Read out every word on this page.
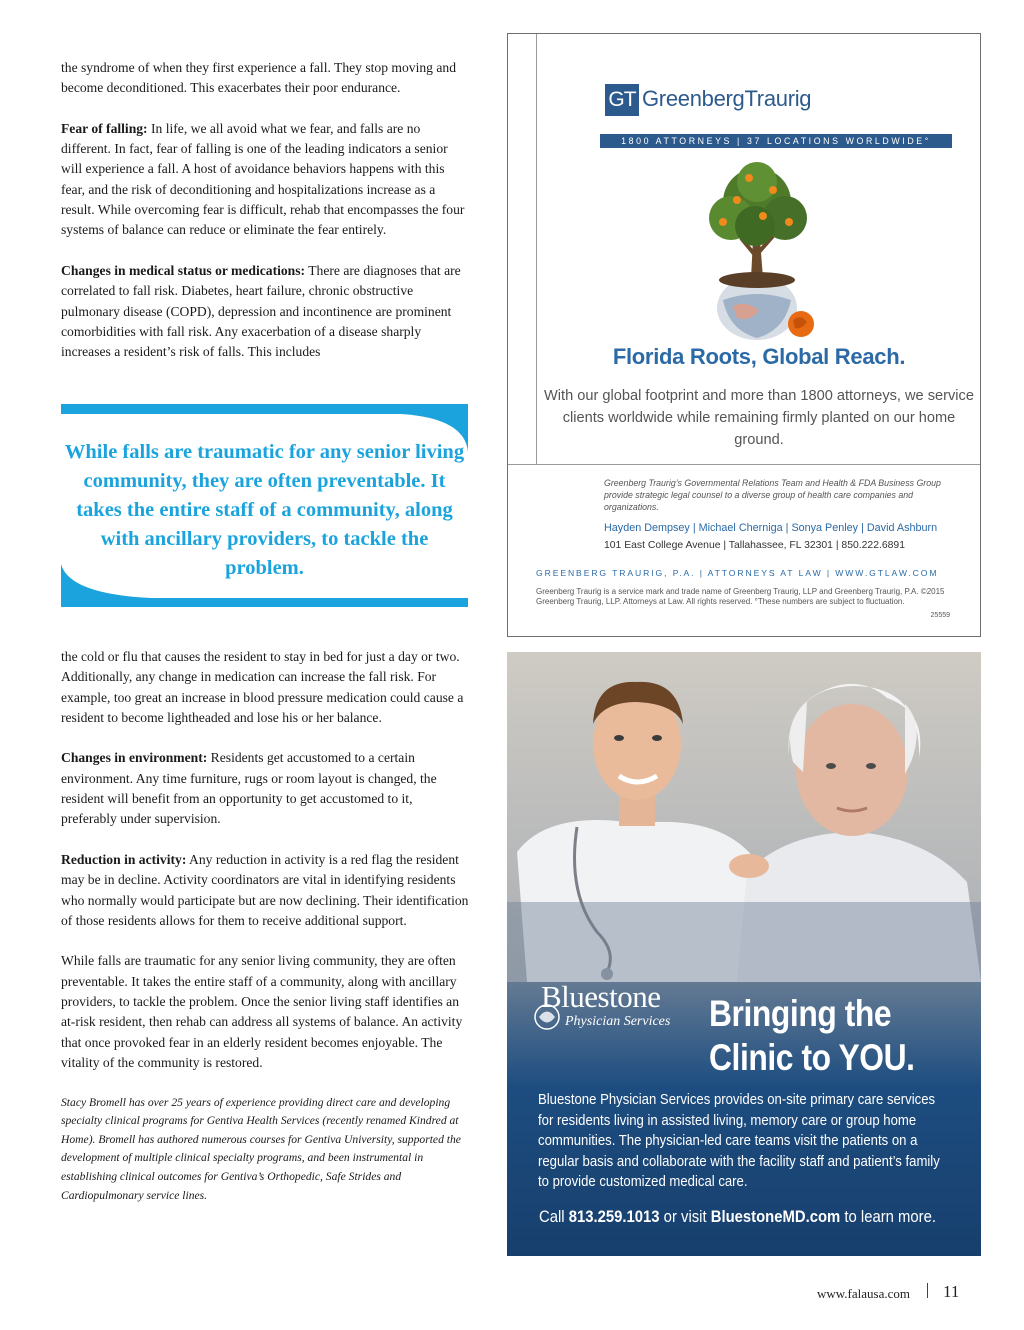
the syndrome of when they first experience a fall. They stop moving and become deconditioned. This exacerbates their poor endurance.

Fear of falling: In life, we all avoid what we fear, and falls are no different. In fact, fear of falling is one of the leading indicators a senior will experience a fall. A host of avoidance behaviors happens with this fear, and the risk of deconditioning and hospitalizations increase as a result. While overcoming fear is difficult, rehab that encompasses the four systems of balance can reduce or eliminate the fear entirely.

Changes in medical status or medications: There are diagnoses that are correlated to fall risk. Diabetes, heart failure, chronic obstructive pulmonary disease (COPD), depression and incontinence are prominent comorbidities with fall risk. Any exacerbation of a disease sharply increases a resident’s risk of falls. This includes

While falls are traumatic for any senior living community, they are often preventable. It takes the entire staff of a community, along with ancillary providers, to tackle the problem.

the cold or flu that causes the resident to stay in bed for just a day or two. Additionally, any change in medication can increase the fall risk. For example, too great an increase in blood pressure medication could cause a resident to become lightheaded and lose his or her balance.

Changes in environment: Residents get accustomed to a certain environment. Any time furniture, rugs or room layout is changed, the resident will benefit from an opportunity to get accustomed to it, preferably under supervision.

Reduction in activity: Any reduction in activity is a red flag the resident may be in decline. Activity coordinators are vital in identifying residents who normally would participate but are now declining. Their identification of those residents allows for them to receive additional support.

While falls are traumatic for any senior living community, they are often preventable. It takes the entire staff of a community, along with ancillary providers, to tackle the problem. Once the senior living staff identifies an at-risk resident, then rehab can address all systems of balance. An activity that once provoked fear in an elderly resident becomes enjoyable. The vitality of the community is restored.

Stacy Bromell has over 25 years of experience providing direct care and developing specialty clinical programs for Gentiva Health Services (recently renamed Kindred at Home). Bromell has authored numerous courses for Gentiva University, supported the development of multiple clinical specialty programs, and been instrumental in establishing clinical outcomes for Gentiva’s Orthopedic, Safe Strides and Cardiopulmonary service lines.
GT GreenbergTraurig
1800 ATTORNEYS | 37 LOCATIONS WORLDWIDE°
Florida Roots, Global Reach.
With our global footprint and more than 1800 attorneys, we service clients worldwide while remaining firmly planted on our home ground.
Greenberg Traurig’s Governmental Relations Team and Health & FDA Business Group provide strategic legal counsel to a diverse group of health care companies and organizations.
Hayden Dempsey | Michael Cherniga | Sonya Penley | David Ashburn
101 East College Avenue | Tallahassee, FL 32301 | 850.222.6891
GREENBERG TRAURIG, P.A. | ATTORNEYS AT LAW | WWW.GTLAW.COM
Greenberg Traurig is a service mark and trade name of Greenberg Traurig, LLP and Greenberg Traurig, P.A. ©2015 Greenberg Traurig, LLP. Attorneys at Law. All rights reserved. °These numbers are subject to fluctuation.
25559
Bluestone
Physician Services Bringing the
Clinic to YOU.
Bluestone Physician Services provides on-site primary care services for residents living in assisted living, memory care or group home communities. The physician-led care teams visit the patients on a regular basis and collaborate with the facility staff and patient’s family to provide customized medical care.
Call 813.259.1013 or visit BluestoneMD.com to learn more.
www.falausa.com 11
